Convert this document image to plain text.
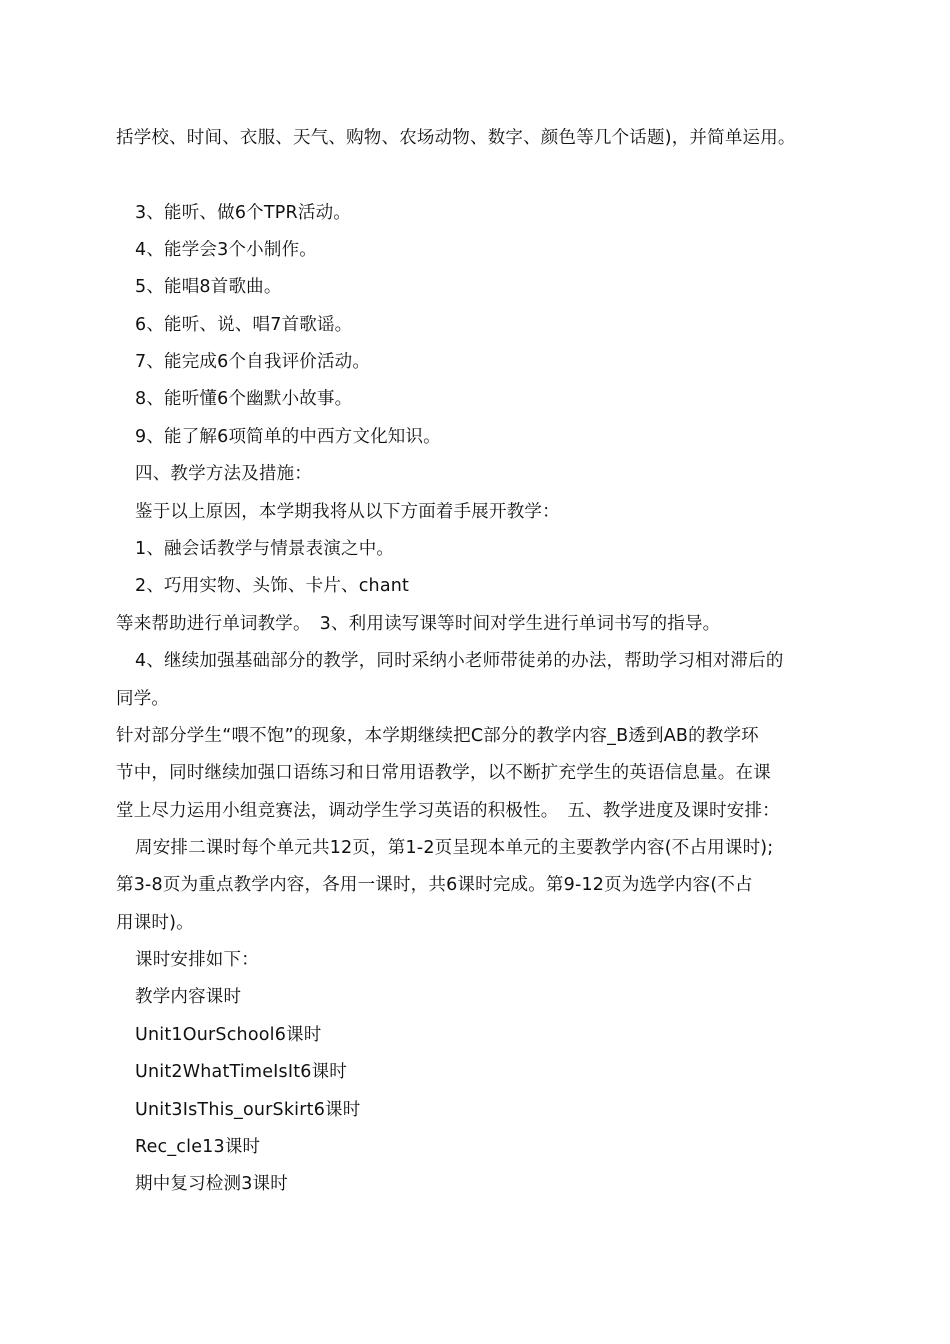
括学校、时间、衣服、天气、购物、农场动物、数字、颜色等几个话题)，并简单运用。
3、能听、做6个TPR活动。
4、能学会3个小制作。
5、能唱8首歌曲。
6、能听、说、唱7首歌谣。
7、能完成6个自我评价活动。
8、能听懂6个幽默小故事。
9、能了解6项简单的中西方文化知识。
四、教学方法及措施：
鉴于以上原因，本学期我将从以下方面着手展开教学：
1、融会话教学与情景表演之中。
2、巧用实物、头饰、卡片、chant
等来帮助进行单词教学。　3、利用读写课等时间对学生进行单词书写的指导。
4、继续加强基础部分的教学，同时采纳小老师带徒弟的办法，帮助学习相对滞后的
同学。
针对部分学生“喂不饱”的现象，本学期继续把C部分的教学内容_B透到AB的教学环
节中，同时继续加强口语练习和日常用语教学，以不断扩充学生的英语信息量。在课
堂上尽力运用小组竞赛法，调动学生学习英语的积极性。　五、教学进度及课时安排：
周安排二课时每个单元共12页，第1-2页呈现本单元的主要教学内容(不占用课时);
第3-8页为重点教学内容，各用一课时，共6课时完成。第9-12页为选学内容(不占
用课时)。
课时安排如下：
教学内容课时
Unit1OurSchool6课时
Unit2WhatTimeIsIt6课时
Unit3IsThis_ourSkirt6课时
Rec_cle13课时
期中复习检测3课时
